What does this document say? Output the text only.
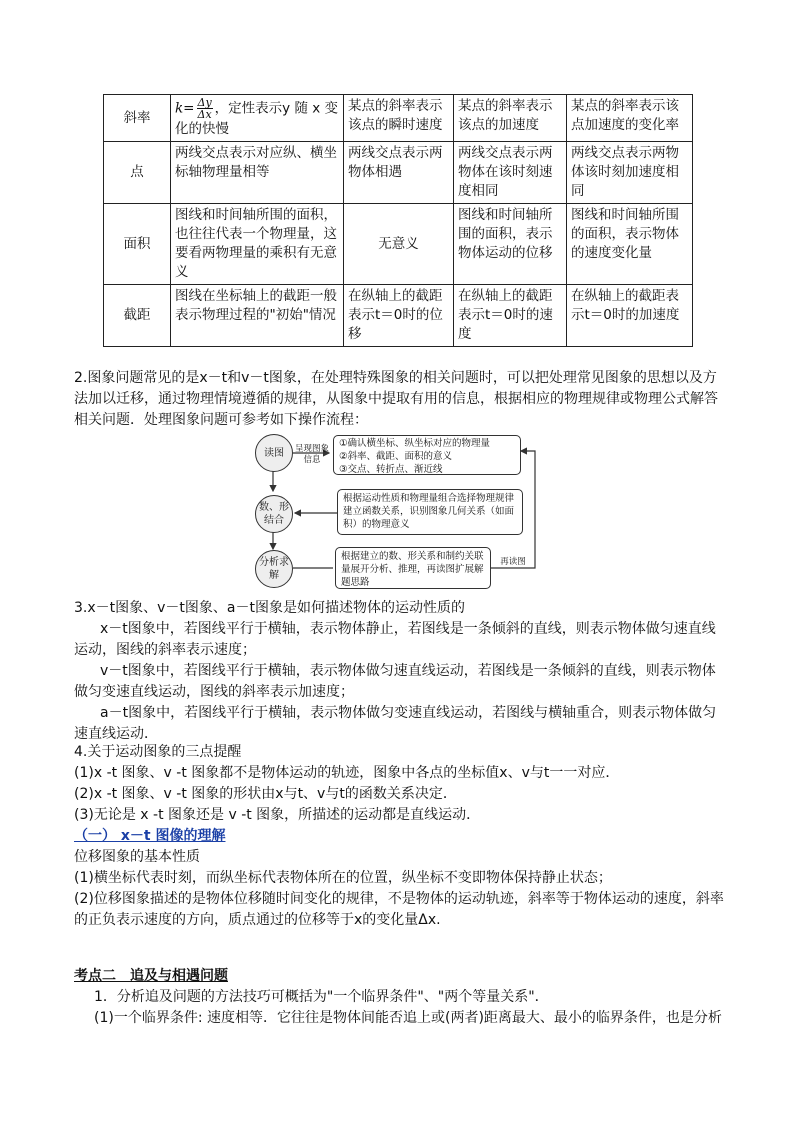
斜率	$k= \frac{\Delta y}{\Delta x}$ ，定性表示y 随 x 变化的快慢	某点的斜率表示该点的瞬时速度	某点的斜率表示该点的加速度	某点的斜率表示该点加速度的变化率
点	两线交点表示对应纵、横坐标轴物理量相等	两线交点表示两物体相遇	两线交点表示两物体在该时刻速度相同	两线交点表示两物体该时刻加速度相同
面积	图线和时间轴所围的面积，也往往代表一个物理量，这要看两物理量的乘积有无意义	无意义	图线和时间轴所围的面积，表示物体运动的位移	图线和时间轴所围的面积，表示物体的速度变化量
截距	图线在坐标轴上的截距一般表示物理过程的"初始"情况	在纵轴上的截距表示t＝0时的位移	在纵轴上的截距表示t＝0时的速度	在纵轴上的截距表示t＝0时的加速度
2.图象问题常见的是x－t和v－t图象，在处理特殊图象的相关问题时，可以把处理常见图象的思想以及方法加以迁移，通过物理情境遵循的规律，从图象中提取有用的信息，根据相应的物理规律或物理公式解答相关问题．处理图象问题可参考如下操作流程：
读图
数、形结合
分析求解
呈现图象信息
再读图
①确认横坐标、纵坐标对应的物理量
②斜率、截距、面积的意义
③交点、转折点、渐近线
根据运动性质和物理量组合选择物理规律建立函数关系，识别图象几何关系（如面积）的物理意义
根据建立的数、形关系和制约关联量展开分析、推理，再读图扩展解题思路
3.x－t图象、v－t图象、a－t图象是如何描述物体的运动性质的
x－t图象中，若图线平行于横轴，表示物体静止，若图线是一条倾斜的直线，则表示物体做匀速直线运动，图线的斜率表示速度；
v－t图象中，若图线平行于横轴，表示物体做匀速直线运动，若图线是一条倾斜的直线，则表示物体做匀变速直线运动，图线的斜率表示加速度；
a－t图象中，若图线平行于横轴，表示物体做匀变速直线运动，若图线与横轴重合，则表示物体做匀速直线运动．
4.关于运动图象的三点提醒
(1)x -t 图象、v -t 图象都不是物体运动的轨迹，图象中各点的坐标值x、v与t一一对应．
(2)x -t 图象、v -t 图象的形状由x与t、v与t的函数关系决定．
(3)无论是 x -t 图象还是 v -t 图象，所描述的运动都是直线运动．
（一） x－t 图像的理解
位移图象的基本性质
(1)横坐标代表时刻，而纵坐标代表物体所在的位置，纵坐标不变即物体保持静止状态；
(2)位移图象描述的是物体位移随时间变化的规律，不是物体的运动轨迹，斜率等于物体运动的速度，斜率的正负表示速度的方向，质点通过的位移等于x的变化量Δx.
考点二　追及与相遇问题
1．分析追及问题的方法技巧可概括为"一个临界条件"、"两个等量关系"．
(1)一个临界条件: 速度相等．它往往是物体间能否追上或(两者)距离最大、最小的临界条件，也是分析
